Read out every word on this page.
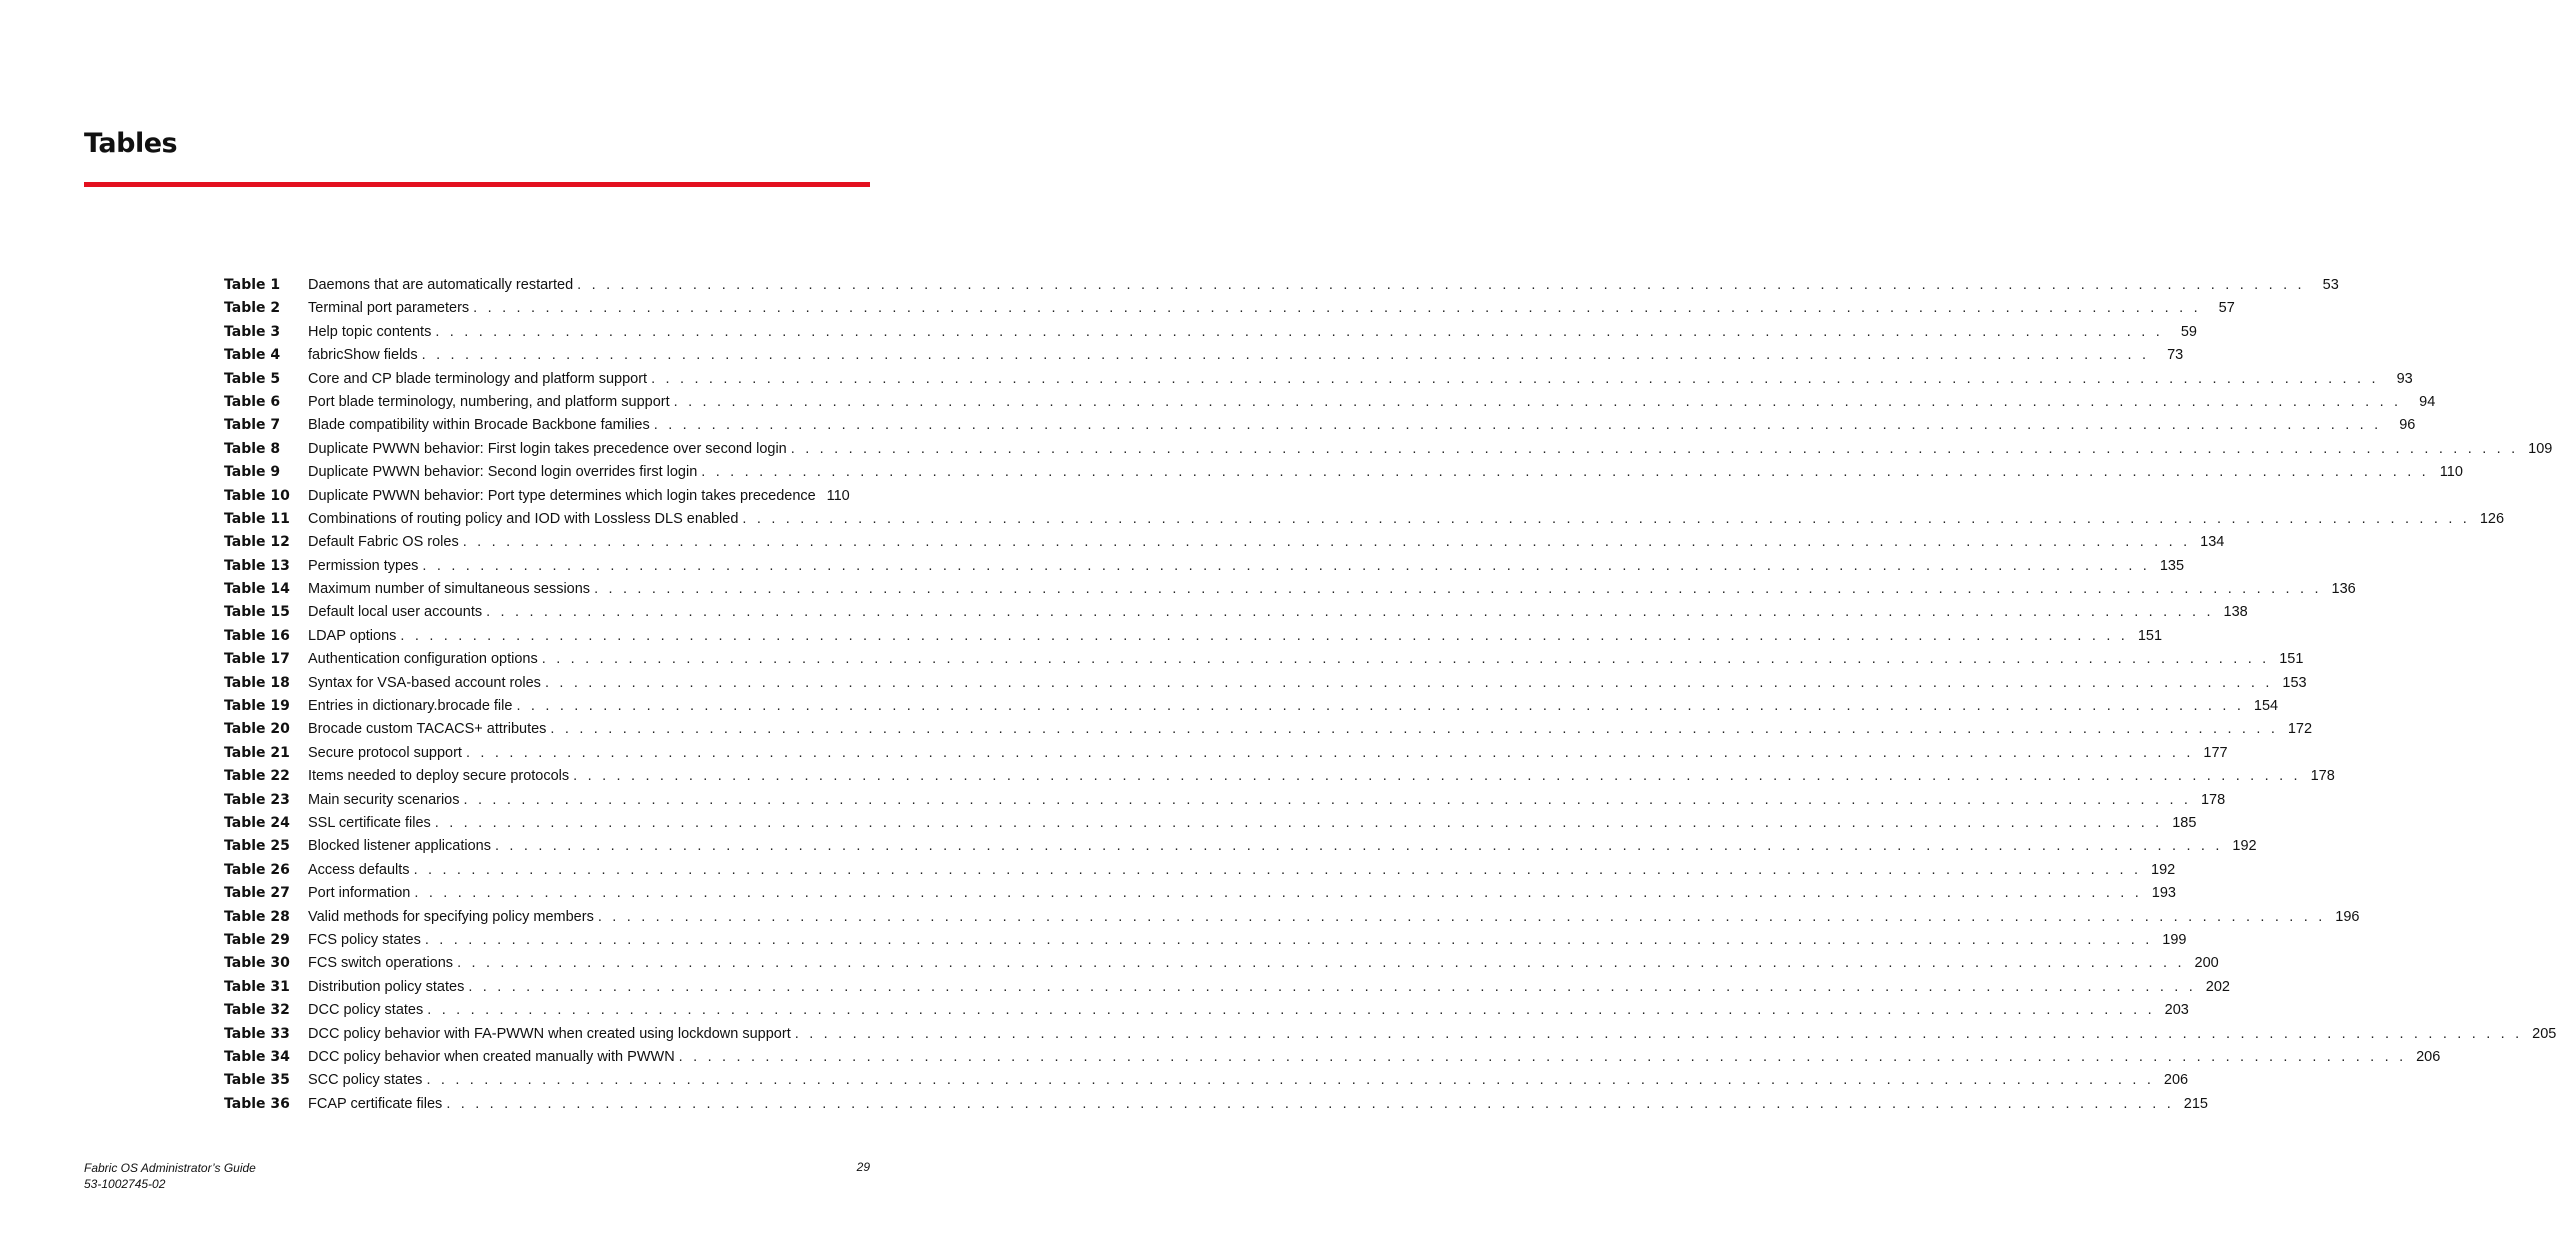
Tables
Table 1	Daemons that are automatically restarted . . . . . . . . . . . . . . . . . . . . . . . . . . . . . . . . . . . . . . . . . . . . . . . . . . . . . . . . . . . . . . . . . . . . . . . . . . . . . . . . . . . . . . . . . . . . . . . . . . . . . . . . . . . . . . . . . . . . . . . .	53
Table 2	Terminal port parameters . . . . . . . . . . . . . . . . . . . . . . . . . . . . . . . . . . . . . . . . . . . . . . . . . . . . . . . . . . . . . . . . . . . . . . . . . . . . . . . . . . . . . . . . . . . . . . . . . . . . . . . . . . . . . . . . . . . . . . . .	57
Table 3	Help topic contents . . . . . . . . . . . . . . . . . . . . . . . . . . . . . . . . . . . . . . . . . . . . . . . . . . . . . . . . . . . . . . . . . . . . . . . . . . . . . . . . . . . . . . . . . . . . . . . . . . . . . . . . . . . . . . . . . . . . . . . .	59
Table 4	fabricShow fields . . . . . . . . . . . . . . . . . . . . . . . . . . . . . . . . . . . . . . . . . . . . . . . . . . . . . . . . . . . . . . . . . . . . . . . . . . . . . . . . . . . . . . . . . . . . . . . . . . . . . . . . . . . . . . . . . . . . . . . .	73
Table 5	Core and CP blade terminology and platform support . . . . . . . . . . . . . . . . . . . . . . . . . . . . . . . . . . . . . . . . . . . . . . . . . . . . . . . . . . . . . . . . . . . . . . . . . . . . . . . . . . . . . . . . . . . . . . . . . . . . . . . . . . . . . . . . . . . . . . . .	93
Table 6	Port blade terminology, numbering, and platform support . . . . . . . . . . . . . . . . . . . . . . . . . . . . . . . . . . . . . . . . . . . . . . . . . . . . . . . . . . . . . . . . . . . . . . . . . . . . . . . . . . . . . . . . . . . . . . . . . . . . . . . . . . . . . . . . . . . . . . . .	94
Table 7	Blade compatibility within Brocade Backbone families . . . . . . . . . . . . . . . . . . . . . . . . . . . . . . . . . . . . . . . . . . . . . . . . . . . . . . . . . . . . . . . . . . . . . . . . . . . . . . . . . . . . . . . . . . . . . . . . . . . . . . . . . . . . . . . . . . . . . . . .	96
Table 8	Duplicate PWWN behavior: First login takes precedence over second login . . . . . . . . . . . . . . . . . . . . . . . . . . . . . . . . . . . . . . . . . . . . . . . . . . . . . . . . . . . . . . . . . . . . . . . . . . . . . . . . . . . . . . . . . . . . . . . . . . . . . . . . . . . . . . . . . . . . . . . . 109
Table 9	Duplicate PWWN behavior: Second login overrides first login . . . . . . . . . . . . . . . . . . . . . . . . . . . . . . . . . . . . . . . . . . . . . . . . . . . . . . . . . . . . . . . . . . . . . . . . . . . . . . . . . . . . . . . . . . . . . . . . . . . . . . . . . . . . . . . . . . . . . . . . 110
Table 10	Duplicate PWWN behavior: Port type determines which login takes precedence 110
Table 11	Combinations of routing policy and IOD with Lossless DLS enabled . . . . . . . . . . . . . . . . . . . . . . . . . . . . . . . . . . . . . . . . . . . . . . . . . . . . . . . . . . . . . . . . . . . . . . . . . . . . . . . . . . . . . . . . . . . . . . . . . . . . . . . . . . . . . . . . . . . . . . . . 126
Table 12	Default Fabric OS roles . . . . . . . . . . . . . . . . . . . . . . . . . . . . . . . . . . . . . . . . . . . . . . . . . . . . . . . . . . . . . . . . . . . . . . . . . . . . . . . . . . . . . . . . . . . . . . . . . . . . . . . . . . . . . . . . . . . . . . . . 134
Table 13	Permission types . . . . . . . . . . . . . . . . . . . . . . . . . . . . . . . . . . . . . . . . . . . . . . . . . . . . . . . . . . . . . . . . . . . . . . . . . . . . . . . . . . . . . . . . . . . . . . . . . . . . . . . . . . . . . . . . . . . . . . . . 135
Table 14	Maximum number of simultaneous sessions . . . . . . . . . . . . . . . . . . . . . . . . . . . . . . . . . . . . . . . . . . . . . . . . . . . . . . . . . . . . . . . . . . . . . . . . . . . . . . . . . . . . . . . . . . . . . . . . . . . . . . . . . . . . . . . . . . . . . . . . 136
Table 15	Default local user accounts . . . . . . . . . . . . . . . . . . . . . . . . . . . . . . . . . . . . . . . . . . . . . . . . . . . . . . . . . . . . . . . . . . . . . . . . . . . . . . . . . . . . . . . . . . . . . . . . . . . . . . . . . . . . . . . . . . . . . . . . 138
Table 16	LDAP options . . . . . . . . . . . . . . . . . . . . . . . . . . . . . . . . . . . . . . . . . . . . . . . . . . . . . . . . . . . . . . . . . . . . . . . . . . . . . . . . . . . . . . . . . . . . . . . . . . . . . . . . . . . . . . . . . . . . . . . . 151
Table 17	Authentication configuration options . . . . . . . . . . . . . . . . . . . . . . . . . . . . . . . . . . . . . . . . . . . . . . . . . . . . . . . . . . . . . . . . . . . . . . . . . . . . . . . . . . . . . . . . . . . . . . . . . . . . . . . . . . . . . . . . . . . . . . . . 151
Table 18	Syntax for VSA-based account roles . . . . . . . . . . . . . . . . . . . . . . . . . . . . . . . . . . . . . . . . . . . . . . . . . . . . . . . . . . . . . . . . . . . . . . . . . . . . . . . . . . . . . . . . . . . . . . . . . . . . . . . . . . . . . . . . . . . . . . . . 153
Table 19	Entries in dictionary.brocade file . . . . . . . . . . . . . . . . . . . . . . . . . . . . . . . . . . . . . . . . . . . . . . . . . . . . . . . . . . . . . . . . . . . . . . . . . . . . . . . . . . . . . . . . . . . . . . . . . . . . . . . . . . . . . . . . . . . . . . . . 154
Table 20	Brocade custom TACACS+ attributes . . . . . . . . . . . . . . . . . . . . . . . . . . . . . . . . . . . . . . . . . . . . . . . . . . . . . . . . . . . . . . . . . . . . . . . . . . . . . . . . . . . . . . . . . . . . . . . . . . . . . . . . . . . . . . . . . . . . . . . . 172
Table 21	Secure protocol support . . . . . . . . . . . . . . . . . . . . . . . . . . . . . . . . . . . . . . . . . . . . . . . . . . . . . . . . . . . . . . . . . . . . . . . . . . . . . . . . . . . . . . . . . . . . . . . . . . . . . . . . . . . . . . . . . . . . . . . . 177
Table 22	Items needed to deploy secure protocols . . . . . . . . . . . . . . . . . . . . . . . . . . . . . . . . . . . . . . . . . . . . . . . . . . . . . . . . . . . . . . . . . . . . . . . . . . . . . . . . . . . . . . . . . . . . . . . . . . . . . . . . . . . . . . . . . . . . . . . . 178
Table 23	Main security scenarios . . . . . . . . . . . . . . . . . . . . . . . . . . . . . . . . . . . . . . . . . . . . . . . . . . . . . . . . . . . . . . . . . . . . . . . . . . . . . . . . . . . . . . . . . . . . . . . . . . . . . . . . . . . . . . . . . . . . . . . . 178
Table 24	SSL certificate files . . . . . . . . . . . . . . . . . . . . . . . . . . . . . . . . . . . . . . . . . . . . . . . . . . . . . . . . . . . . . . . . . . . . . . . . . . . . . . . . . . . . . . . . . . . . . . . . . . . . . . . . . . . . . . . . . . . . . . . . 185
Table 25	Blocked listener applications . . . . . . . . . . . . . . . . . . . . . . . . . . . . . . . . . . . . . . . . . . . . . . . . . . . . . . . . . . . . . . . . . . . . . . . . . . . . . . . . . . . . . . . . . . . . . . . . . . . . . . . . . . . . . . . . . . . . . . . . 192
Table 26	Access defaults . . . . . . . . . . . . . . . . . . . . . . . . . . . . . . . . . . . . . . . . . . . . . . . . . . . . . . . . . . . . . . . . . . . . . . . . . . . . . . . . . . . . . . . . . . . . . . . . . . . . . . . . . . . . . . . . . . . . . . . . 192
Table 27	Port information . . . . . . . . . . . . . . . . . . . . . . . . . . . . . . . . . . . . . . . . . . . . . . . . . . . . . . . . . . . . . . . . . . . . . . . . . . . . . . . . . . . . . . . . . . . . . . . . . . . . . . . . . . . . . . . . . . . . . . . . 193
Table 28	Valid methods for specifying policy members . . . . . . . . . . . . . . . . . . . . . . . . . . . . . . . . . . . . . . . . . . . . . . . . . . . . . . . . . . . . . . . . . . . . . . . . . . . . . . . . . . . . . . . . . . . . . . . . . . . . . . . . . . . . . . . . . . . . . . . . 196
Table 29	FCS policy states . . . . . . . . . . . . . . . . . . . . . . . . . . . . . . . . . . . . . . . . . . . . . . . . . . . . . . . . . . . . . . . . . . . . . . . . . . . . . . . . . . . . . . . . . . . . . . . . . . . . . . . . . . . . . . . . . . . . . . . . 199
Table 30	FCS switch operations . . . . . . . . . . . . . . . . . . . . . . . . . . . . . . . . . . . . . . . . . . . . . . . . . . . . . . . . . . . . . . . . . . . . . . . . . . . . . . . . . . . . . . . . . . . . . . . . . . . . . . . . . . . . . . . . . . . . . . . . 200
Table 31	Distribution policy states . . . . . . . . . . . . . . . . . . . . . . . . . . . . . . . . . . . . . . . . . . . . . . . . . . . . . . . . . . . . . . . . . . . . . . . . . . . . . . . . . . . . . . . . . . . . . . . . . . . . . . . . . . . . . . . . . . . . . . . . 202
Table 32	DCC policy states . . . . . . . . . . . . . . . . . . . . . . . . . . . . . . . . . . . . . . . . . . . . . . . . . . . . . . . . . . . . . . . . . . . . . . . . . . . . . . . . . . . . . . . . . . . . . . . . . . . . . . . . . . . . . . . . . . . . . . . . 203
Table 33	DCC policy behavior with FA-PWWN when created using lockdown support . . . . . . . . . . . . . . . . . . . . . . . . . . . . . . . . . . . . . . . . . . . . . . . . . . . . . . . . . . . . . . . . . . . . . . . . . . . . . . . . . . . . . . . . . . . . . . . . . . . . . . . . . . . . . . . . . . . . . . . . 205
Table 34	DCC policy behavior when created manually with PWWN . . . . . . . . . . . . . . . . . . . . . . . . . . . . . . . . . . . . . . . . . . . . . . . . . . . . . . . . . . . . . . . . . . . . . . . . . . . . . . . . . . . . . . . . . . . . . . . . . . . . . . . . . . . . . . . . . . . . . . . . 206
Table 35	SCC policy states . . . . . . . . . . . . . . . . . . . . . . . . . . . . . . . . . . . . . . . . . . . . . . . . . . . . . . . . . . . . . . . . . . . . . . . . . . . . . . . . . . . . . . . . . . . . . . . . . . . . . . . . . . . . . . . . . . . . . . . . 206
Table 36	FCAP certificate files . . . . . . . . . . . . . . . . . . . . . . . . . . . . . . . . . . . . . . . . . . . . . . . . . . . . . . . . . . . . . . . . . . . . . . . . . . . . . . . . . . . . . . . . . . . . . . . . . . . . . . . . . . . . . . . . . . . . . . . . 215
Fabric OS Administrator’s Guide
53-1002745-02
29
